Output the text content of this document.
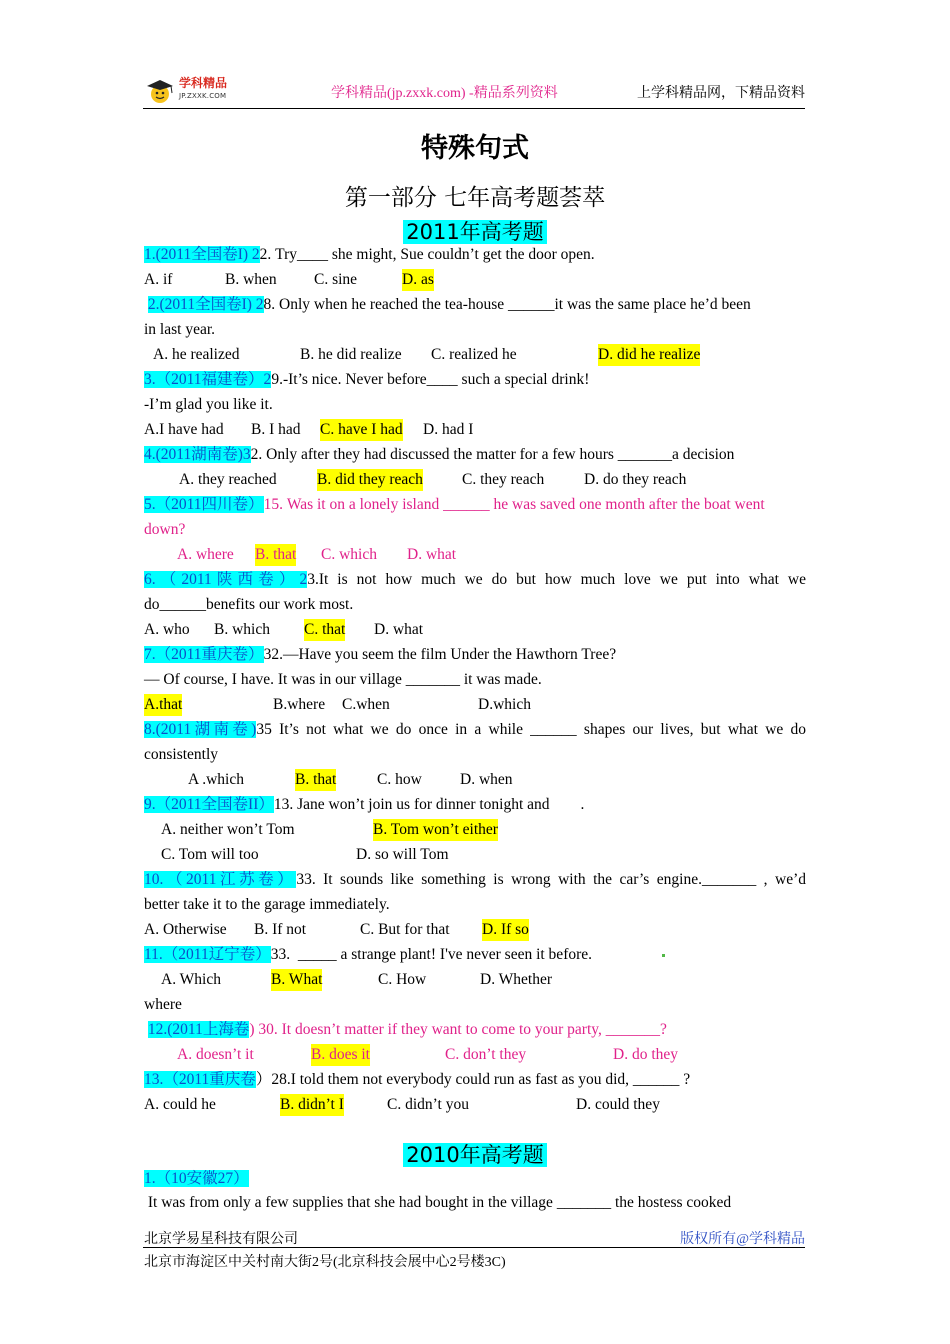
学科精品
JP.ZXXK.COM	学科精品(jp.zxxk.com) -精品系列资料	上学科精品网，下精品资料
特殊句式
第一部分 七年高考题荟萃
2011年高考题
1.(2011全国卷I) 22. Try____ she might, Sue couldn’t get the door open.
A. if	B. when C. sine	D. as
2.(2011全国卷I) 28. Only when he reached the tea-house ______it was the same place he’d been
in last year.
A. he realized	B. he did realize C. realized he	D. did he realize
3.（2011福建卷）29.-It’s nice. Never before____ such a special drink!
-I’m glad you like it.
A.I have had B. I had C. have I had D. had I
4.(2011湖南卷)32. Only after they had discussed the matter for a few hours _______a decision
A. they reached	B. did they reach	C. they reach	D. do they reach
5.（2011四川卷）15. Was it on a lonely island ______ he was saved one month after the boat went
down?
A. where B. that C. which D. what
6.（2011陕西卷）23.It is not how much we do but how much love we put into what we
do______benefits our work most.
A. who B. which C. that D. what
7.（2011重庆卷）32.—Have you seem the film Under the Hawthorn Tree?
— Of course, I have. It was in our village _______ it was made.
A.that	B.where C.when	D.which
8.(2011湖南卷)35 It’s not what we do once in a while ______ shapes our lives, but what we do
consistently
A .which	B. that	C. how D. when
9.（2011全国卷II）13. Jane won’t join us for dinner tonight and        .
A. neither won’t Tom	B. Tom won’t either
C. Tom will too	D. so will Tom
10.（2011江苏卷）33. It sounds like something is wrong with the car’s engine._______ , we’d
better take it to the garage immediately.
A. Otherwise B. If not	C. But for that D. If so
11.（2011辽宁卷）33.  _____ a strange plant! I've never seen it before.
A. Which	B. What	C. How	D. Whether
where
12.(2011上海卷) 30. It doesn’t matter if they want to come to your party, _______?
A. doesn’t it	B. does it	C. don’t they	D. do they
13.（2011重庆卷）28.I told them not everybody could run as fast as you did, ______ ?
A. could he	B. didn’t I	C. didn’t you	D. could they
2010年高考题
1.（10安徽27）
It was from only a few supplies that she had bought in the village _______ the hostess cooked
北京学易星科技有限公司	版权所有@学科精品
北京市海淀区中关村南大街2号(北京科技会展中心2号楼3C)
